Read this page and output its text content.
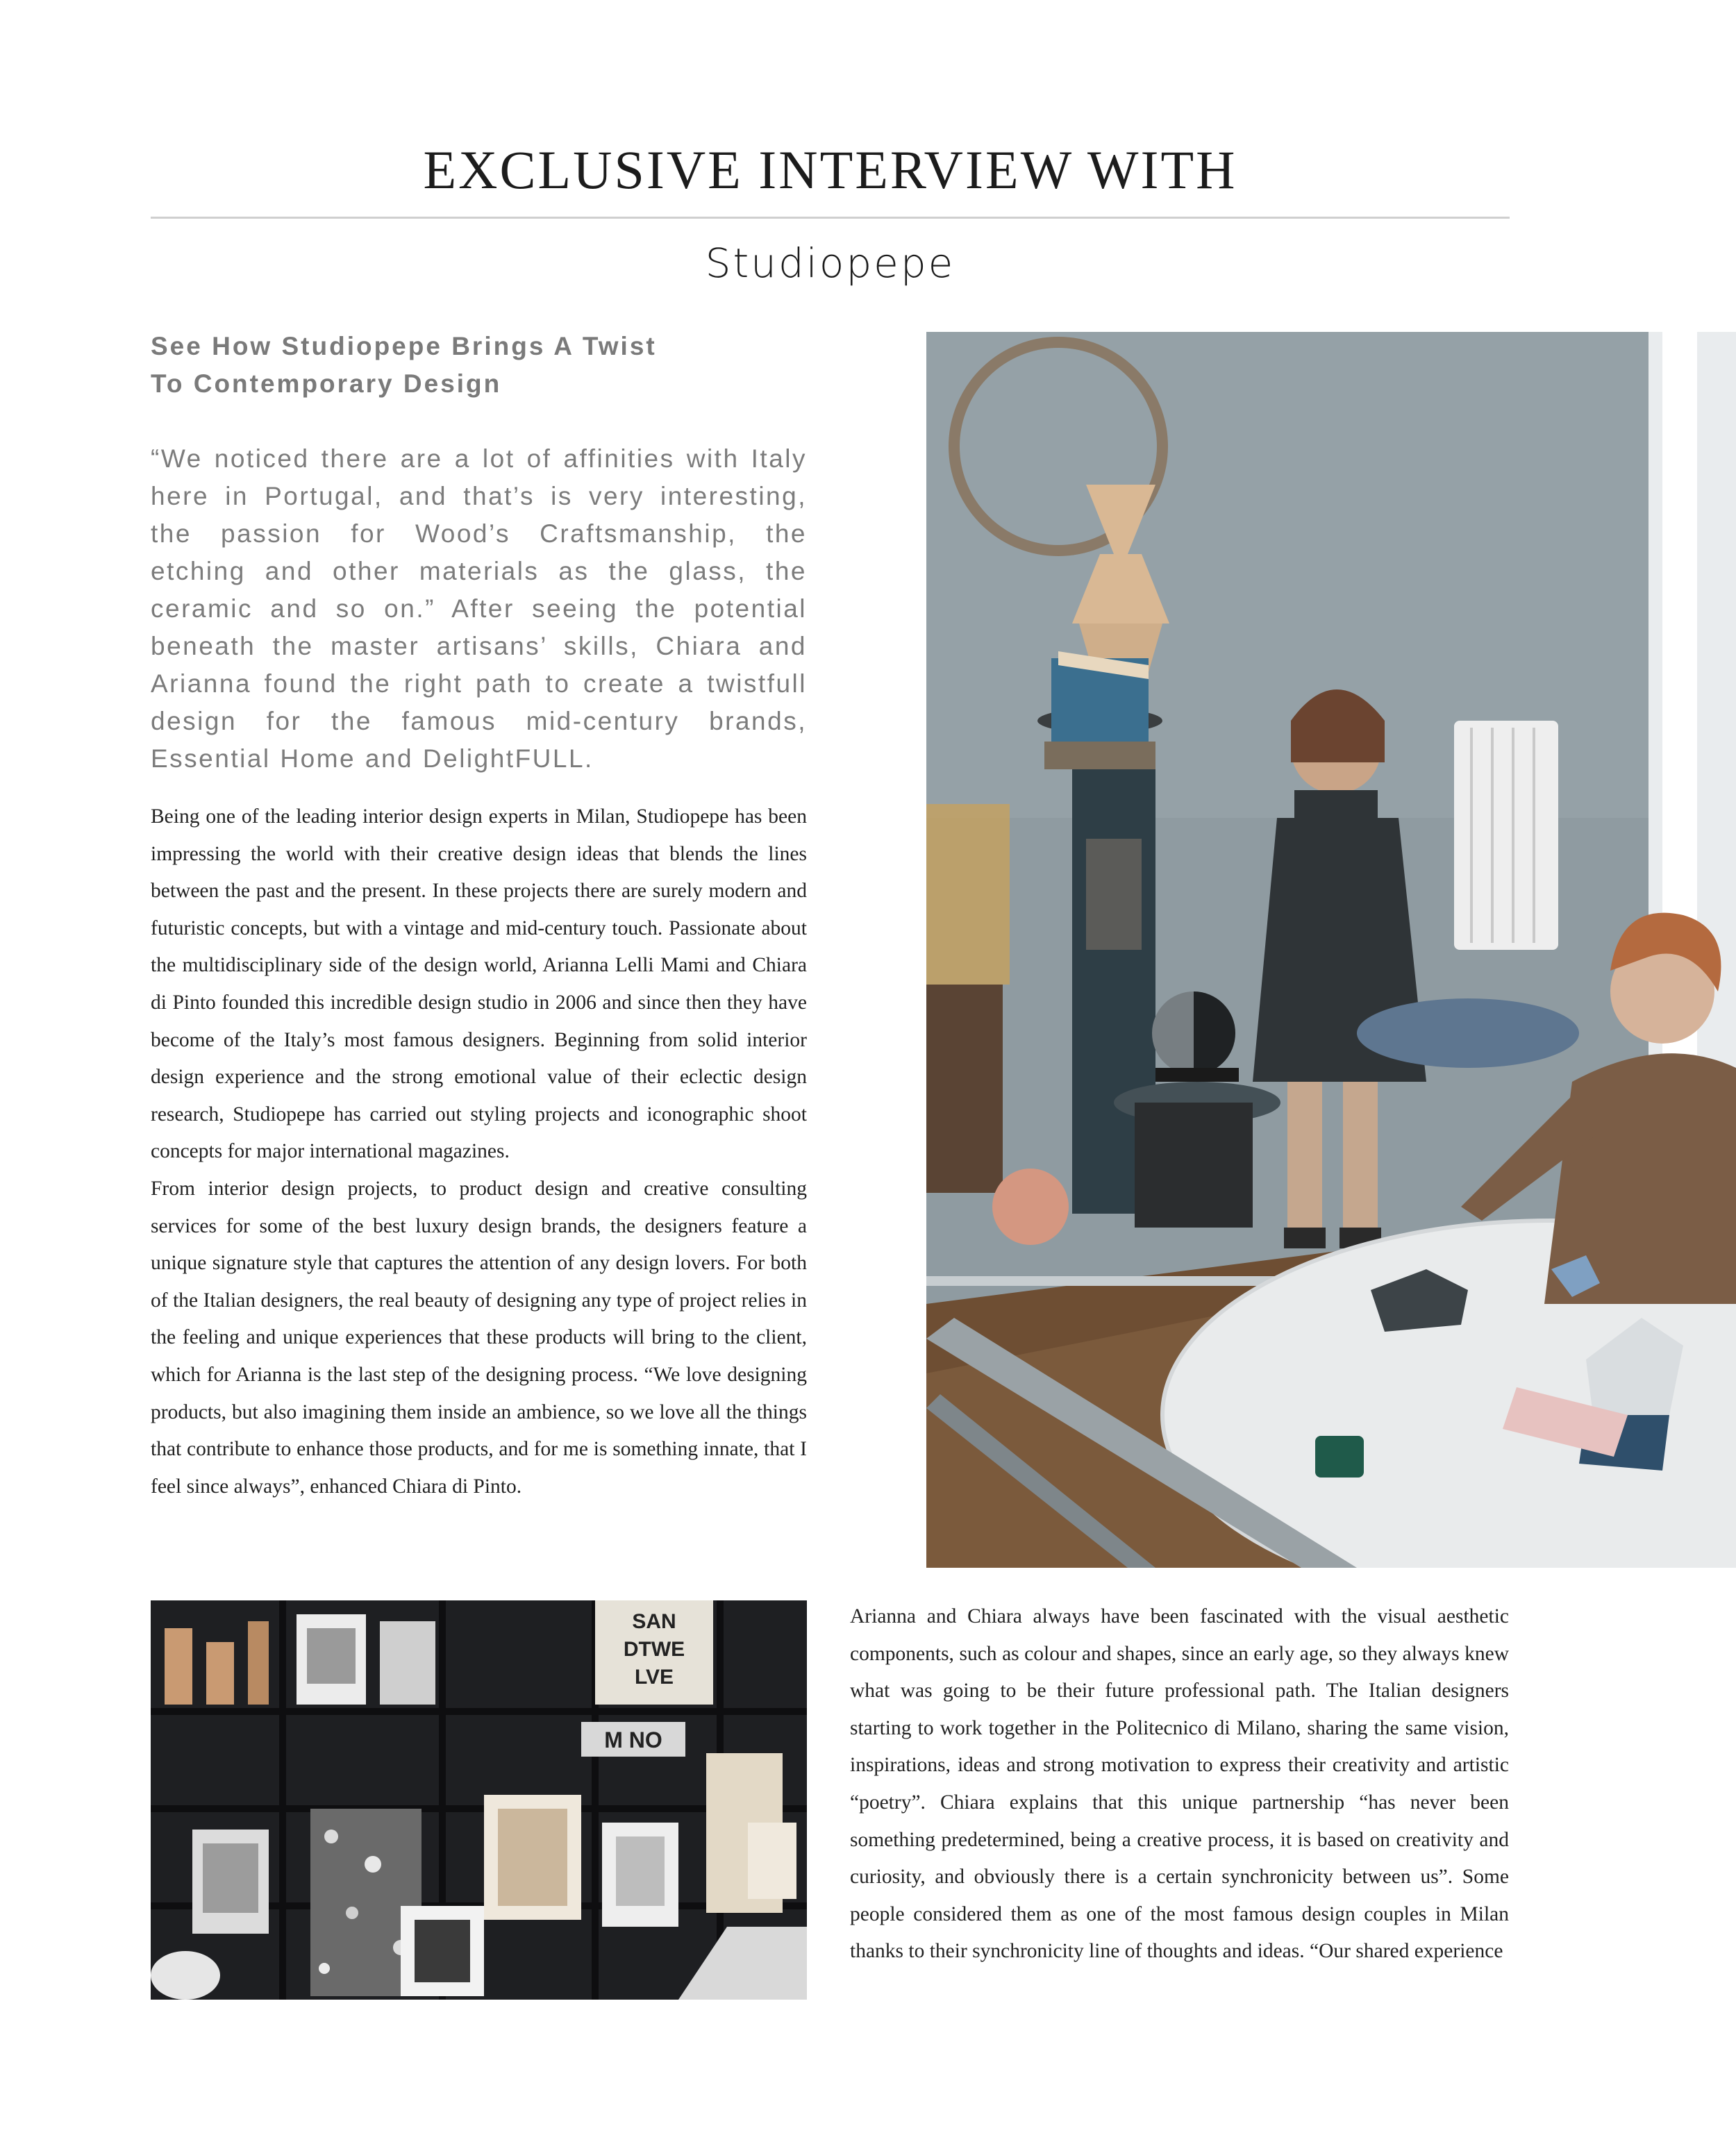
EXCLUSIVE INTERVIEW WITH
Studiopepe
See How Studiopepe Brings A Twist
To Contemporary Design

“We noticed there are a lot of affinities with Italy here in Portugal, and that’s is very interesting, the passion for Wood’s Craftsmanship, the etching and other materials as the glass, the ceramic and so on.” After seeing the potential beneath the master artisans’ skills, Chiara and Arianna found the right path to create a twistfull design for the famous mid-century brands, Essential Home and DelightFULL.

Being one of the leading interior design experts in Milan, Studiopepe has been impressing the world with their creative design ideas that blends the lines between the past and the present. In these projects there are surely modern and futuristic concepts, but with a vintage and mid-century touch. Passionate about the multidisciplinary side of the design world, Arianna Lelli Mami and Chiara di Pinto founded this incredible design studio in 2006 and since then they have become of the Italy’s most famous designers. Beginning from solid interior design experience and the strong emotional value of their eclectic design research, Studiopepe has carried out styling projects and iconographic shoot concepts for major international magazines.

From interior design projects, to product design and creative consulting services for some of the best luxury design brands, the designers feature a unique signature style that captures the attention of any design lovers. For both of the Italian designers, the real beauty of designing any type of project relies in the feeling and unique experiences that these products will bring to the client, which for Arianna is the last step of the designing process. “We love designing products, but also imagining them inside an ambience, so we love all the things that contribute to enhance those products, and for me is something innate, that I feel since always”, enhanced Chiara di Pinto.

SAN
DTWE
LVE
M NO

Arianna and Chiara always have been fascinated with the visual aesthetic components, such as colour and shapes, since an early age, so they always knew what was going to be their future professional path. The Italian designers starting to work together in the Politecnico di Milano, sharing the same vision, inspirations, ideas and strong motivation to express their creativity and artistic “poetry”. Chiara explains that this unique partnership “has never been something predetermined, being a creative process, it is based on creativity and curiosity, and obviously there is a certain synchronicity between us”. Some people considered them as one of the most famous design couples in Milan thanks to their synchronicity line of thoughts and ideas. “Our shared experience
